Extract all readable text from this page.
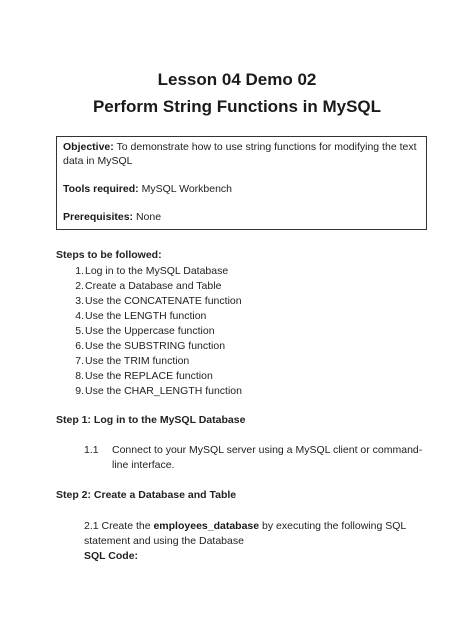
Lesson 04 Demo 02
Perform String Functions in MySQL

Objective: To demonstrate how to use string functions for modifying the text data in MySQL

Tools required: MySQL Workbench

Prerequisites: None

Steps to be followed:
1. Log in to the MySQL Database
2. Create a Database and Table
3. Use the CONCATENATE function
4. Use the LENGTH function
5. Use the Uppercase function
6. Use the SUBSTRING function
7. Use the TRIM function
8. Use the REPLACE function
9. Use the CHAR_LENGTH function
Step 1: Log in to the MySQL Database
1.1 Connect to your MySQL server using a MySQL client or command-line interface.
Step 2: Create a Database and Table
2.1 Create the employees_database by executing the following SQL statement and using the Database
SQL Code:
